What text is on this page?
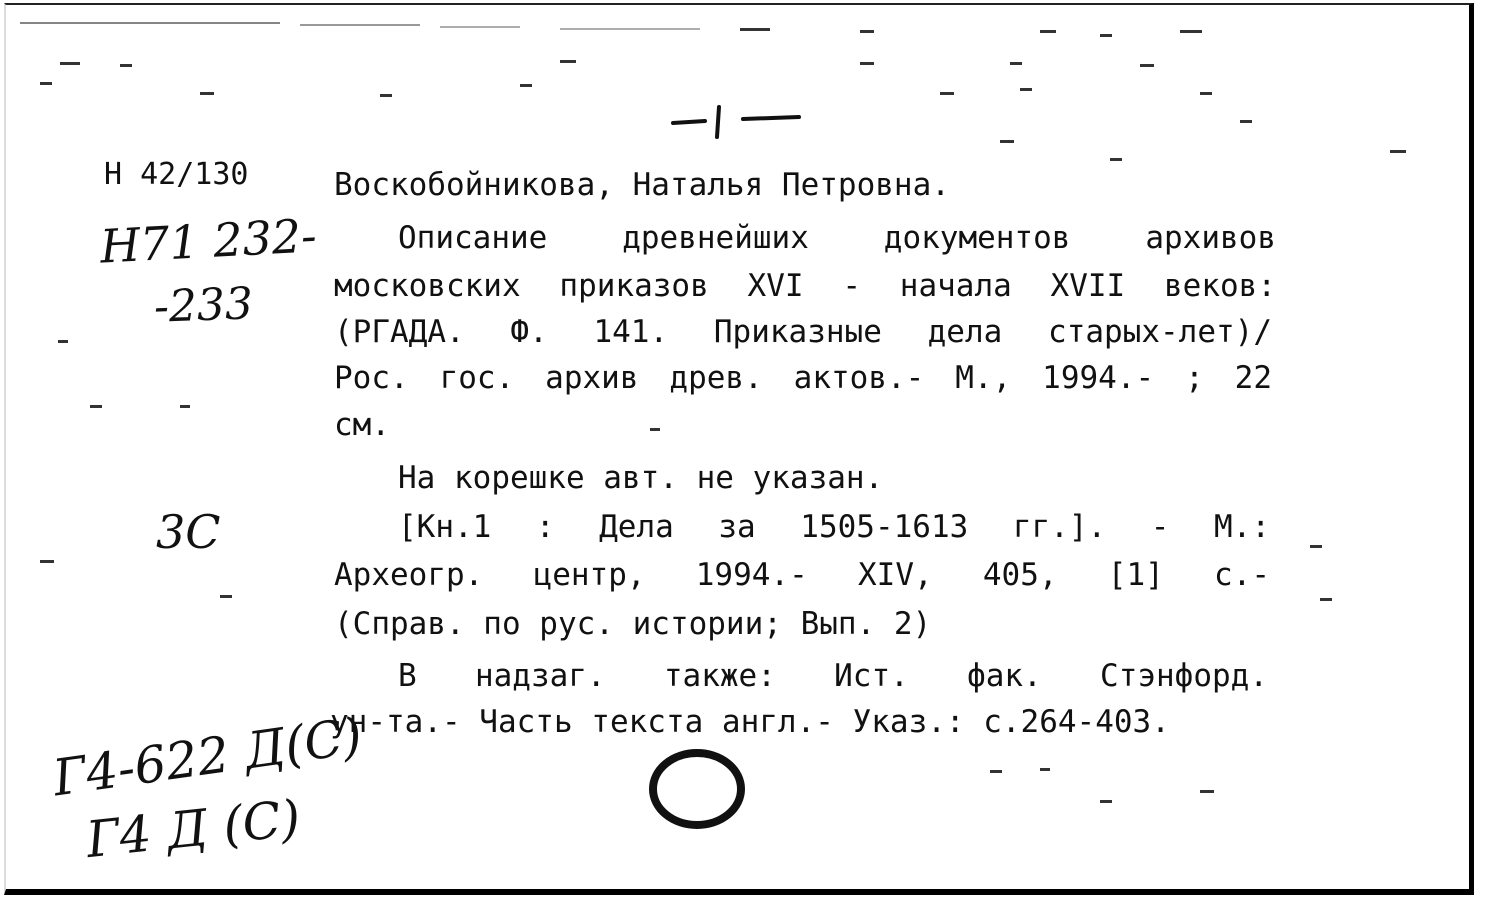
Н 42/130	Воскобойникова, Наталья Петровна.
Описание древнейших документов архивов
московских приказов XVI - начала XVII веков:
(РГАДА. Ф. 141. Приказные дела старых-лет)/
Рос. гос. архив древ. актов.- М., 1994.- ; 22
см.
На корешке авт. не указан.
[Кн.1 : Дела за 1505-1613 гг.]. - М.:
Археогр. центр, 1994.- XIV, 405, [1] с.-
(Справ. по рус. истории; Вып. 2)
В надзаг. также: Ист. фак. Стэнфорд.
ун-та.- Часть текста англ.- Указ.: с.264-403.
Н71 232-
-233
3С
Г4-622 Д(С)
Г4 Д (С)
